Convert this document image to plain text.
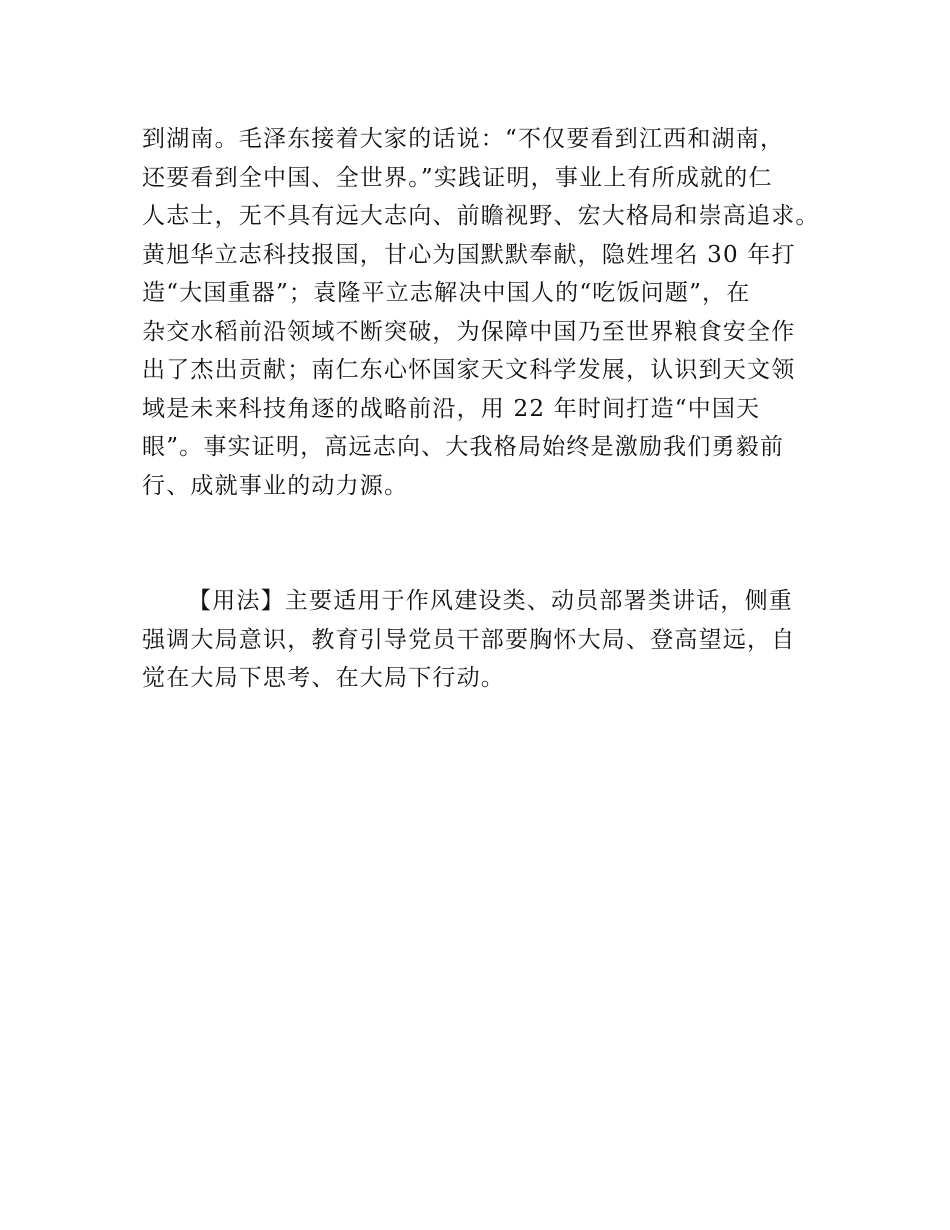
到湖南。毛泽东接着大家的话说：“不仅要看到江西和湖南，
还要看到全中国、全世界。”实践证明，事业上有所成就的仁
人志士，无不具有远大志向、前瞻视野、宏大格局和崇高追求。
黄旭华立志科技报国，甘心为国默默奉献，隐姓埋名 30 年打
造“大国重器”；袁隆平立志解决中国人的“吃饭问题”，在
杂交水稻前沿领域不断突破，为保障中国乃至世界粮食安全作
出了杰出贡献；南仁东心怀国家天文科学发展，认识到天文领
域是未来科技角逐的战略前沿，用 22 年时间打造“中国天
眼”。事实证明，高远志向、大我格局始终是激励我们勇毅前
行、成就事业的动力源。
【用法】主要适用于作风建设类、动员部署类讲话，侧重
强调大局意识，教育引导党员干部要胸怀大局、登高望远，自
觉在大局下思考、在大局下行动。
